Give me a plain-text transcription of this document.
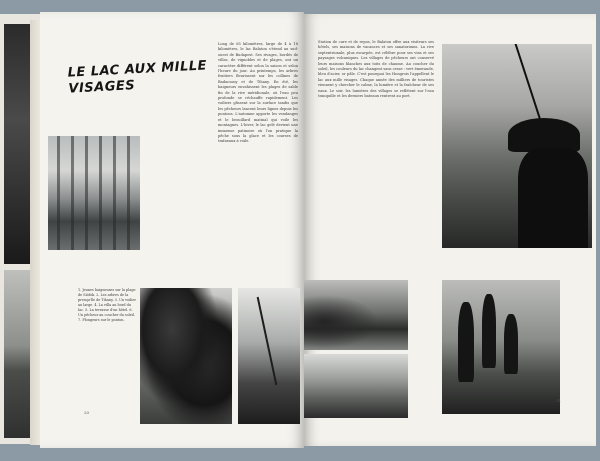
LE LAC AUX MILLE VISAGES
Long de 65 kilomètres, large de 4 à 18 kilomètres, le lac Balaton s'étend au sud-ouest de Budapest. Ses rivages, bordés de villas, de vignobles et de plages, ont un caractère différent selon la saison et selon l'heure du jour. Au printemps, les arbres fruitiers fleurissent sur les collines de Badacsony et de Tihany. En été, les baigneurs envahissent les plages de sable fin de la rive méridionale, où l'eau peu profonde se réchauffe rapidement. Les voiliers glissent sur la surface tandis que les pêcheurs lancent leurs lignes depuis les pontons. L'automne apporte les vendanges et le brouillard matinal qui voile les montagnes. L'hiver, le lac gelé devient une immense patinoire où l'on pratique la pêche sous la glace et les courses de traîneaux à voile.
1. Jeunes baigneuses sur la plage de Siófok. 2. Les arbres de la presqu'île de Tihany. 3. Un voilier au large. 4. La villa au bord du lac. 5. La terrasse d'un hôtel. 6. Un pêcheur au coucher du soleil. 7. Plongeurs sur le ponton.
Station de cure et de repos, le Balaton offre aux visiteurs ses hôtels, ses maisons de vacances et ses sanatoriums. La rive septentrionale, plus escarpée, est célèbre pour ses vins et ses paysages volcaniques. Les villages de pêcheurs ont conservé leurs maisons blanches aux toits de chaume. Au coucher du soleil, les couleurs du lac changent sans cesse : vert émeraude, bleu d'acier, or pâle. C'est pourquoi les Hongrois l'appellent le lac aux mille visages. Chaque année des milliers de touristes viennent y chercher le calme, la lumière et la fraîcheur de ses eaux. Le soir, les lumières des villages se reflètent sur l'eau tranquille et les derniers bateaux rentrent au port.
20
21
